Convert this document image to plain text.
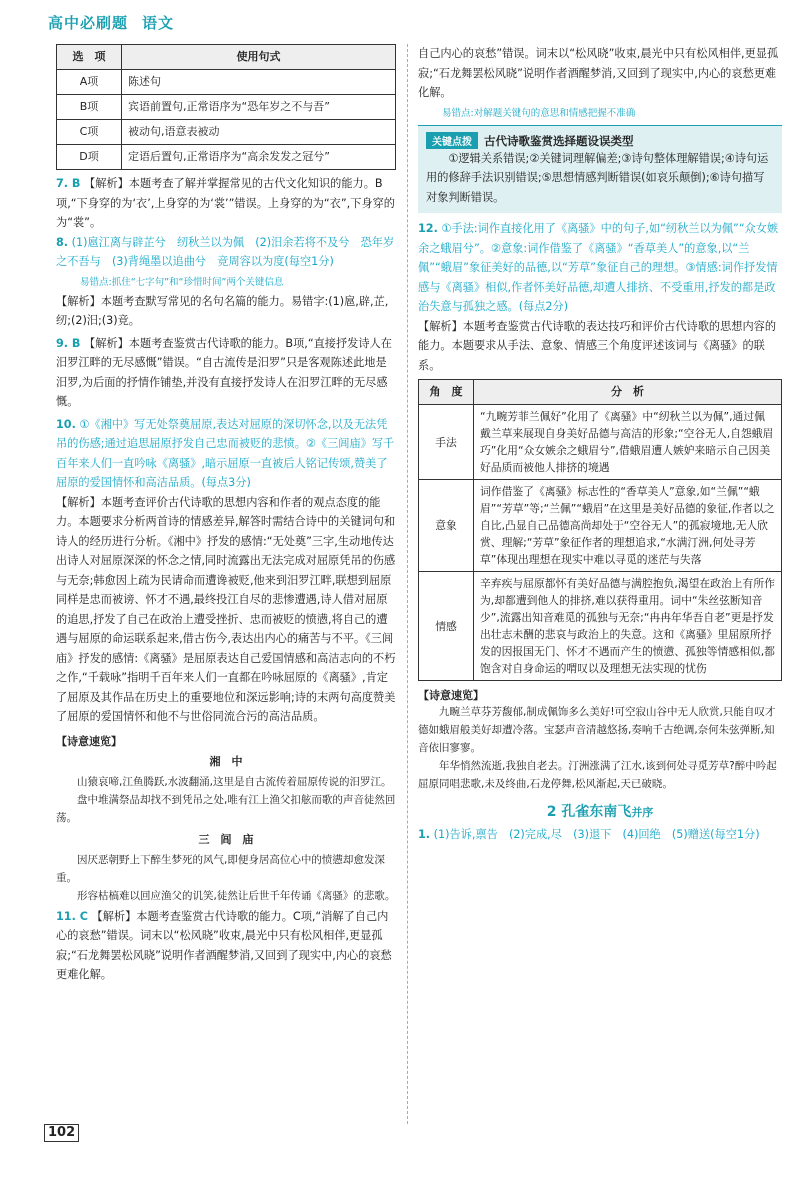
高中必刷题 语文
选　项	使用句式
A项	陈述句
B项	宾语前置句,正常语序为“恐年岁之不与吾”
C项	被动句,语意表被动
D项	定语后置句,正常语序为“高余发发之冠兮”
7. B 【解析】本题考查了解并掌握常见的古代文化知识的能力。B项,“下身穿的为‘衣’,上身穿的为‘裳’”错误。上身穿的为“衣”,下身穿的为“裳”。
8. (1)扈江离与辟芷兮　纫秋兰以为佩　(2)汨余若将不及兮　恐年岁之不吾与　(3)背绳墨以追曲兮　竞周容以为度(每空1分)
易错点:抓住“七字句”和“珍惜时间”两个关键信息
【解析】本题考查默写常见的名句名篇的能力。易错字:(1)扈,辟,芷,纫;(2)汨;(3)竞。
9. B 【解析】本题考查鉴赏古代诗歌的能力。B项,“直接抒发诗人在汨罗江畔的无尽感慨”错误。“自古流传是汨罗”只是客观陈述此地是汨罗,为后面的抒情作铺垫,并没有直接抒发诗人在汨罗江畔的无尽感慨。
10. ①《湘中》写无处祭奠屈原,表达对屈原的深切怀念,以及无法凭吊的伤感;通过追思屈原抒发自己忠而被贬的悲愤。②《三闾庙》写千百年来人们一直吟咏《离骚》,暗示屈原一直被后人铭记传颂,赞美了屈原的爱国情怀和高洁品质。(每点3分)
【解析】本题考查评价古代诗歌的思想内容和作者的观点态度的能力。本题要求分析两首诗的情感差异,解答时需结合诗中的关键词句和诗人的经历进行分析。《湘中》抒发的感情:“无处奠”三字,生动地传达出诗人对屈原深深的怀念之情,同时流露出无法完成对屈原凭吊的伤感与无奈;韩愈因上疏为民请命而遭谗被贬,他来到汨罗江畔,联想到屈原同样是忠而被谤、怀才不遇,最终投江自尽的悲惨遭遇,诗人借对屈原的追思,抒发了自己在政治上遭受挫折、忠而被贬的愤懑,将自己的遭遇与屈原的命运联系起来,借古伤今,表达出内心的痛苦与不平。《三闾庙》抒发的感情:《离骚》是屈原表达自己爱国情感和高洁志向的不朽之作,“千载咏”指明千百年来人们一直都在吟咏屈原的《离骚》,肯定了屈原及其作品在历史上的重要地位和深远影响;诗的末两句高度赞美了屈原的爱国情怀和他不与世俗同流合污的高洁品质。
【诗意速览】
湘　中

山猿哀啼,江鱼腾跃,水波翻涌,这里是自古流传着屈原传说的汨罗江。

盘中堆满祭品却找不到凭吊之处,唯有江上渔父扣舷而歌的声音徒然回荡。

三　闾　庙

因厌恶朝野上下醉生梦死的风气,即便身居高位心中的愤懑却愈发深重。

形容枯槁难以回应渔父的讥笑,徒然让后世千年传诵《离骚》的悲歌。

11. C 【解析】本题考查鉴赏古代诗歌的能力。C项,“消解了自己内心的哀愁”错误。词末以“松风晓”收束,晨光中只有松风相伴,更显孤寂;“石龙舞罢松风晓”说明作者酒醒梦消,又回到了现实中,内心的哀愁更难化解。
自己内心的哀愁”错误。词末以“松风晓”收束,晨光中只有松风相伴,更显孤寂;“石龙舞罢松风晓”说明作者酒醒梦消,又回到了现实中,内心的哀愁更难化解。
易错点:对解题关键句的意思和情感把握不准确
关键点拨 古代诗歌鉴赏选择题设误类型
①逻辑关系错误;②关键词理解偏差;③诗句整体理解错误;④诗句运用的修辞手法识别错误;⑤思想情感判断错误(如哀乐颠倒);⑥诗句描写对象判断错误。
12. ①手法:词作直接化用了《离骚》中的句子,如“纫秋兰以为佩”“众女嫉余之蛾眉兮”。②意象:词作借鉴了《离骚》“香草美人”的意象,以“兰佩”“蛾眉”象征美好的品德,以“芳草”象征自己的理想。③情感:词作抒发情感与《离骚》相似,作者怀美好品德,却遭人排挤、不受重用,抒发的都是政治失意与孤独之感。(每点2分)
【解析】本题考查鉴赏古代诗歌的表达技巧和评价古代诗歌的思想内容的能力。本题要求从手法、意象、情感三个角度评述该词与《离骚》的联系。
角　度	分　析
手法	“九畹芳菲兰佩好”化用了《离骚》中“纫秋兰以为佩”,通过佩戴兰草来展现自身美好品德与高洁的形象;“空谷无人,自怨蛾眉巧”化用“众女嫉余之蛾眉兮”,借蛾眉遭人嫉妒来暗示自己因美好品质而被他人排挤的境遇
意象	词作借鉴了《离骚》标志性的“香草美人”意象,如“兰佩”“蛾眉”“芳草”等;“兰佩”“蛾眉”在这里是美好品德的象征,作者以之自比,凸显自己品德高尚却处于“空谷无人”的孤寂境地,无人欣赏、理解;“芳草”象征作者的理想追求,“水满汀洲,何处寻芳草”体现出理想在现实中难以寻觅的迷茫与失落
情感	辛弃疾与屈原都怀有美好品德与满腔抱负,渴望在政治上有所作为,却都遭到他人的排挤,难以获得重用。词中“朱丝弦断知音少”,流露出知音难觅的孤独与无奈;“冉冉年华吾自老”更是抒发出壮志未酬的悲哀与政治上的失意。这和《离骚》里屈原所抒发的因报国无门、怀才不遇而产生的愤懑、孤独等情感相似,都饱含对自身命运的喟叹以及理想无法实现的忧伤
【诗意速览】

九畹兰草芬芳馥郁,制成佩饰多么美好!可空寂山谷中无人欣赏,只能自叹才德如蛾眉般美好却遭冷落。宝瑟声音清越悠扬,奏响千古绝调,奈何朱弦弹断,知音依旧寥寥。

年华悄然流逝,我独自老去。汀洲涨满了江水,该到何处寻觅芳草?醉中吟起屈原同唱悲歌,未及终曲,石龙停舞,松风渐起,天已破晓。

2 孔雀东南飞并序
1. (1)告诉,禀告　(2)完成,尽　(3)退下　(4)回绝　(5)赠送(每空1分)
102
